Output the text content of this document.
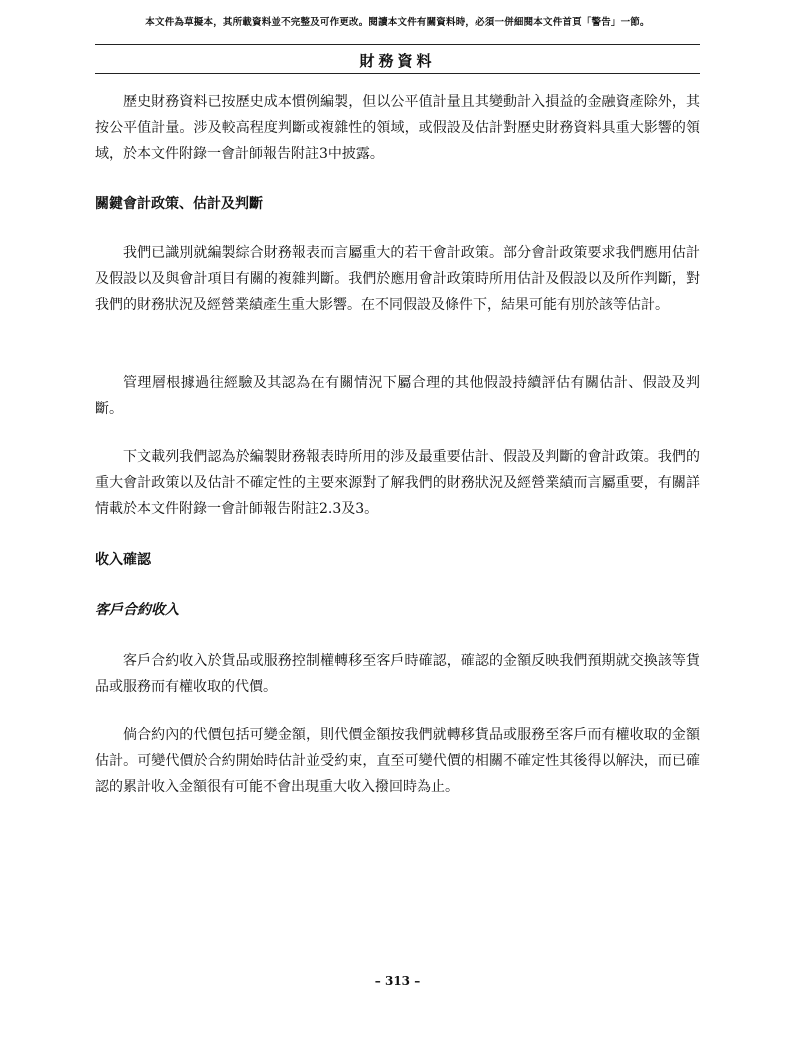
本文件為草擬本，其所載資料並不完整及可作更改。閱讀本文件有關資料時，必須一併細閱本文件首頁「警告」一節。
財務資料

歷史財務資料已按歷史成本慣例編製，但以公平值計量且其變動計入損益的金融資產除外，其按公平值計量。涉及較高程度判斷或複雜性的領域，或假設及估計對歷史財務資料具重大影響的領域，於本文件附錄一會計師報告附註3中披露。

關鍵會計政策、估計及判斷

我們已識別就編製綜合財務報表而言屬重大的若干會計政策。部分會計政策要求我們應用估計及假設以及與會計項目有關的複雜判斷。我們於應用會計政策時所用估計及假設以及所作判斷，對我們的財務狀況及經營業績產生重大影響。在不同假設及條件下，結果可能有別於該等估計。

管理層根據過往經驗及其認為在有關情況下屬合理的其他假設持續評估有關估計、假設及判斷。

下文載列我們認為於編製財務報表時所用的涉及最重要估計、假設及判斷的會計政策。我們的重大會計政策以及估計不確定性的主要來源對了解我們的財務狀況及經營業績而言屬重要，有關詳情載於本文件附錄一會計師報告附註2.3及3。

收入確認
客戶合約收入

客戶合約收入於貨品或服務控制權轉移至客戶時確認，確認的金額反映我們預期就交換該等貨品或服務而有權收取的代價。

倘合約內的代價包括可變金額，則代價金額按我們就轉移貨品或服務至客戶而有權收取的金額估計。可變代價於合約開始時估計並受約束，直至可變代價的相關不確定性其後得以解決，而已確認的累計收入金額很有可能不會出現重大收入撥回時為止。

– 313 –
